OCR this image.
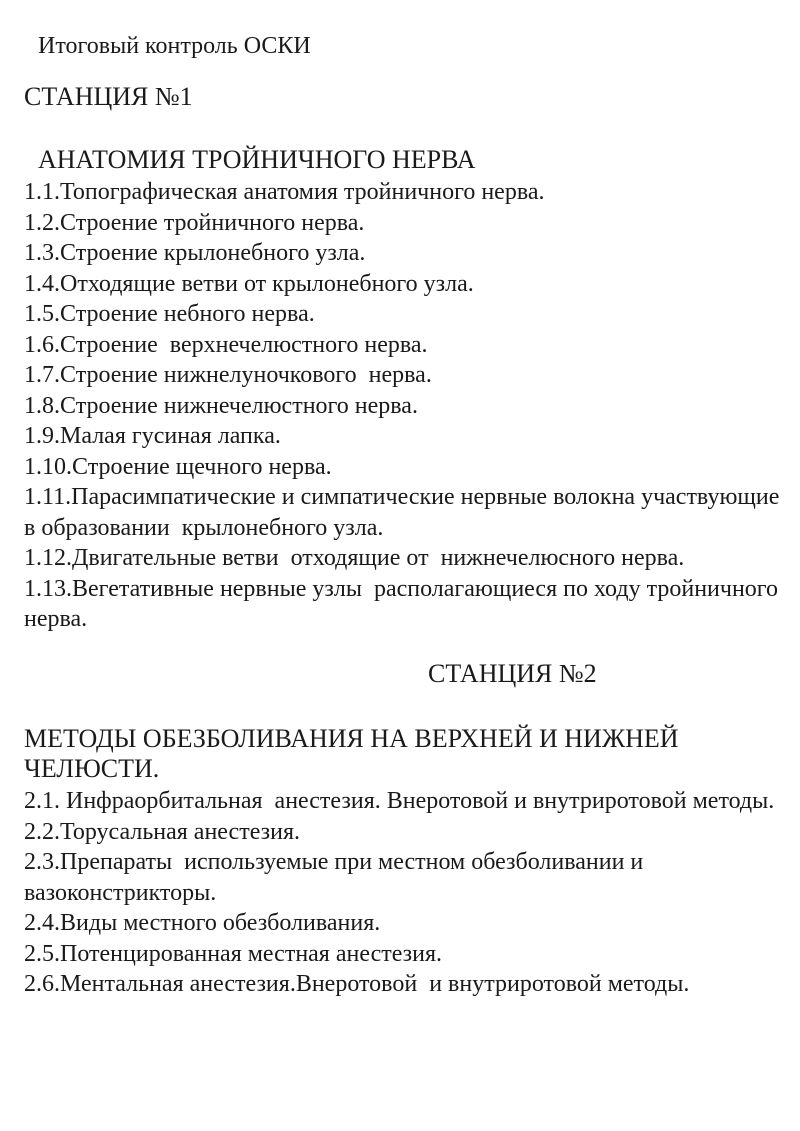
Итоговый контроль ОСКИ
СТАНЦИЯ №1
АНАТОМИЯ ТРОЙНИЧНОГО НЕРВА
1.1.Топографическая анатомия тройничного нерва.
1.2.Строение тройничного нерва.
1.3.Строение крылонебного узла.
1.4.Отходящие ветви от крылонебного узла.
1.5.Строение небного нерва.
1.6.Строение  верхнечелюстного нерва.
1.7.Строение нижнелуночкового  нерва.
1.8.Строение нижнечелюстного нерва.
1.9.Малая гусиная лапка.
1.10.Строение щечного нерва.
1.11.Парасимпатические и симпатические нервные волокна участвующие в образовании  крылонебного узла.
1.12.Двигательные ветви  отходящие от  нижнечелюсного нерва.
1.13.Вегетативные нервные узлы  располагающиеся по ходу тройничного нерва.
СТАНЦИЯ №2
МЕТОДЫ ОБЕЗБОЛИВАНИЯ НА ВЕРХНЕЙ И НИЖНЕЙ ЧЕЛЮСТИ.
2.1. Инфраорбитальная  анестезия. Внеротовой и внутриротовой методы.
2.2.Торусальная анестезия.
2.3.Препараты  используемые при местном обезболивании и вазоконстрикторы.
2.4.Виды местного обезболивания.
2.5.Потенцированная местная анестезия.
2.6.Ментальная анестезия.Внеротовой  и внутриротовой методы.
